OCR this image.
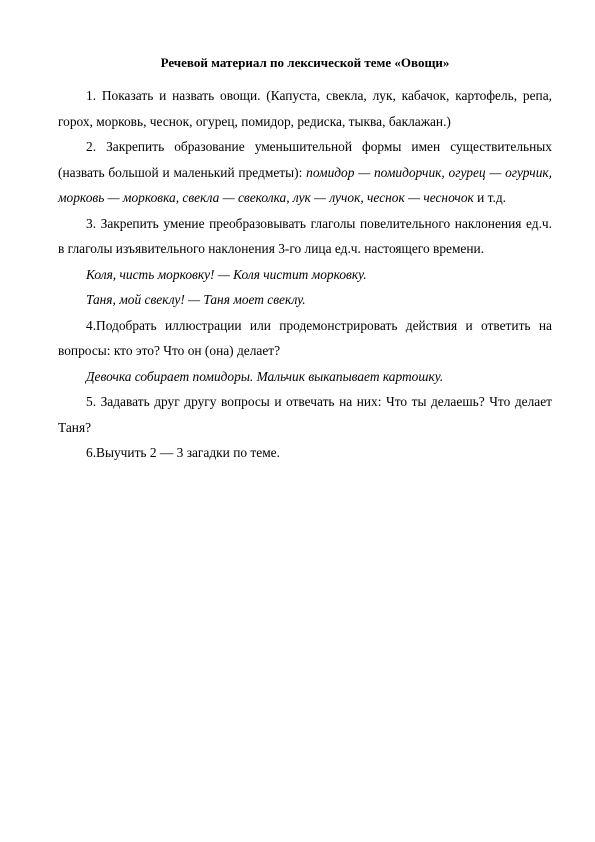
Речевой материал по лексической теме «Овощи»

1. Показать и назвать овощи. (Капуста, свекла, лук, кабачок, картофель, репа, горох, морковь, чеснок, огурец, помидор, редиска, тыква, баклажан.)

2. Закрепить образование уменьшительной формы имен существительных (назвать большой и маленький предметы): помидор — помидорчик, огурец — огурчик, морковь — морковка, свекла — свеколка, лук — лучок, чеснок — чесночок и т.д.

3. Закрепить умение преобразовывать глаголы повелительного наклонения ед.ч. в глаголы изъявительного наклонения 3-го лица ед.ч. настоящего времени.

Коля, чисть морковку! — Коля чистит морковку.

Таня, мой свеклу! — Таня моет свеклу.

4.Подобрать иллюстрации или продемонстрировать действия и ответить на вопросы: кто это? Что он (она) делает?

Девочка собирает помидоры. Мальчик выкапывает картошку.

5. Задавать друг другу вопросы и отвечать на них: Что ты делаешь? Что делает Таня?

6.Выучить 2 — 3 загадки по теме.
